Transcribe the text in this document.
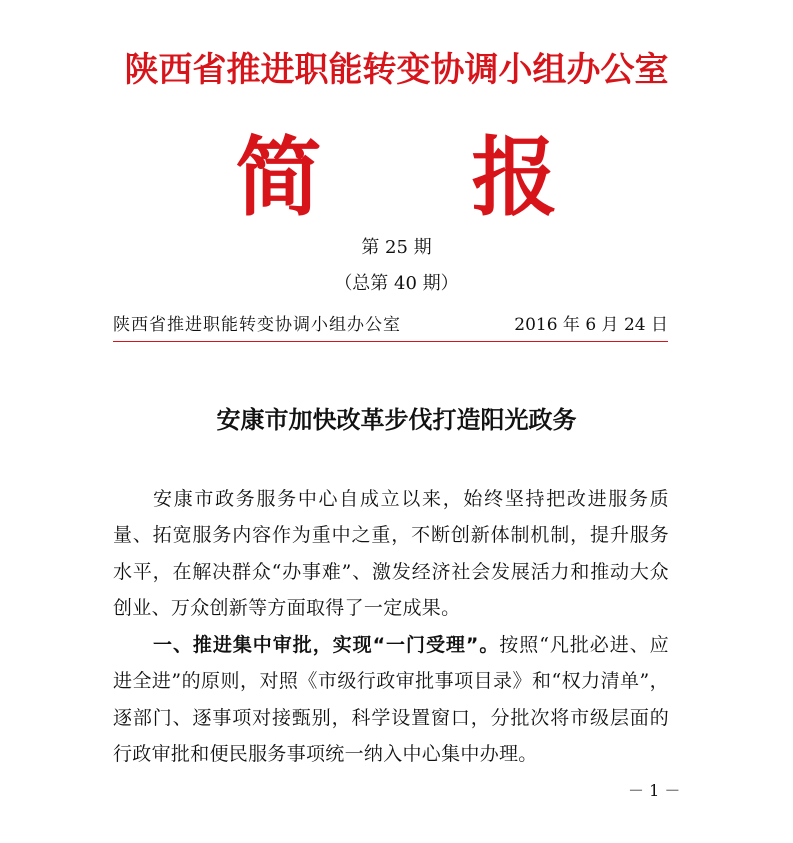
陕西省推进职能转变协调小组办公室
简 报
第 25 期
（总第 40 期）
陕西省推进职能转变协调小组办公室	2016 年 6 月 24 日
安康市加快改革步伐打造阳光政务
安康市政务服务中心自成立以来，始终坚持把改进服务质量、拓宽服务内容作为重中之重，不断创新体制机制，提升服务水平，在解决群众“办事难”、激发经济社会发展活力和推动大众创业、万众创新等方面取得了一定成果。
一、推进集中审批，实现“一门受理”。按照“凡批必进、应进全进”的原则，对照《市级行政审批事项目录》和“权力清单”，逐部门、逐事项对接甄别，科学设置窗口，分批次将市级层面的行政审批和便民服务事项统一纳入中心集中办理。
－ 1 －
